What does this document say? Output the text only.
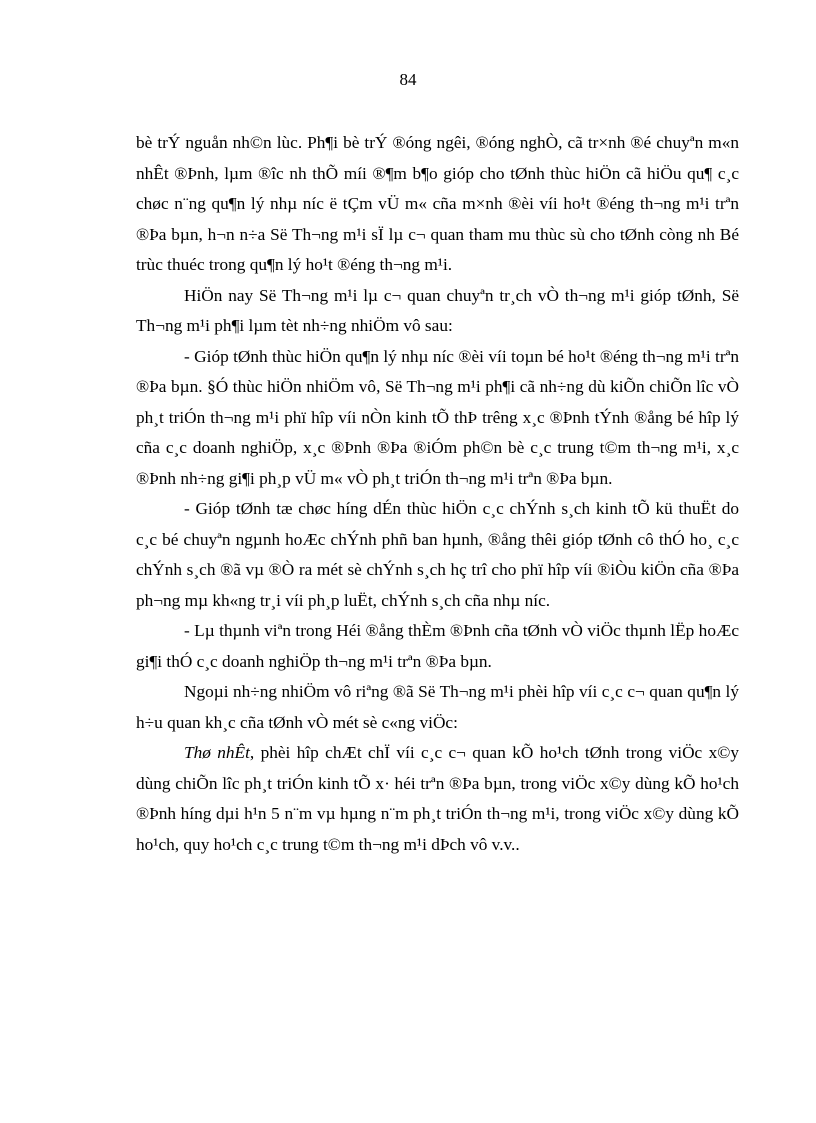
84

bè trÝ nguån nh©n lùc. Ph¶i bè trÝ ®óng ngêi, ®óng nghÒ, cã tr×nh ®é chuyªn m«n nhÊt ®Þnh, lµm ®îc nh thÕ míi ®¶m b¶o gióp cho tØnh thùc hiÖn cã hiÖu qu¶ c¸c chøc n¨ng qu¶n lý nhµ níc ë tÇm vÜ m« cña m×nh ®èi víi ho¹t ®éng th¬ng m¹i trªn ®Þa bµn, h¬n n÷a Së Th¬ng m¹i sÏ lµ c¬ quan tham mu thùc sù cho tØnh còng nh Bé trùc thuéc trong qu¶n lý ho¹t ®éng th¬ng m¹i.

HiÖn nay Së Th¬ng m¹i lµ c¬ quan chuyªn tr¸ch vÒ th¬ng m¹i gióp tØnh, Së Th¬ng m¹i ph¶i lµm tèt nh÷ng nhiÖm vô sau:

- Gióp tØnh thùc hiÖn qu¶n lý nhµ níc ®èi víi toµn bé ho¹t ®éng th¬ng m¹i trªn ®Þa bµn. §Ó thùc hiÖn nhiÖm vô, Së Th¬ng m¹i ph¶i cã nh÷ng dù kiÕn chiÕn lîc vÒ ph¸t triÓn th¬ng m¹i phï hîp víi nÒn kinh tÕ thÞ trêng x¸c ®Þnh tÝnh ®ång bé hîp lý cña c¸c doanh nghiÖp, x¸c ®Þnh ®Þa ®iÓm ph©n bè c¸c trung t©m th¬ng m¹i, x¸c ®Þnh nh÷ng gi¶i ph¸p vÜ m« vÒ ph¸t triÓn th¬ng m¹i trªn ®Þa bµn.

- Gióp tØnh tæ chøc híng dÉn thùc hiÖn c¸c chÝnh s¸ch kinh tÕ kü thuËt do c¸c bé chuyªn ngµnh hoÆc chÝnh phñ ban hµnh, ®ång thêi gióp tØnh cô thÓ ho¸ c¸c chÝnh s¸ch ®ã vµ ®Ò ra mét sè chÝnh s¸ch hç trî cho phï hîp víi ®iÒu kiÖn cña ®Þa ph¬ng mµ kh«ng tr¸i víi ph¸p luËt, chÝnh s¸ch cña nhµ níc.

- Lµ thµnh viªn trong Héi ®ång thÈm ®Þnh cña tØnh vÒ viÖc thµnh lËp hoÆc gi¶i thÓ c¸c doanh nghiÖp th¬ng m¹i trªn ®Þa bµn.

Ngoµi nh÷ng nhiÖm vô riªng ®ã Së Th¬ng m¹i phèi hîp víi c¸c c¬ quan qu¶n lý h÷u quan kh¸c cña tØnh vÒ mét sè c«ng viÖc:

Thø nhÊt, phèi hîp chÆt chÏ víi c¸c c¬ quan kÕ ho¹ch tØnh trong viÖc x©y dùng chiÕn lîc ph¸t triÓn kinh tÕ x· héi trªn ®Þa bµn, trong viÖc x©y dùng kÕ ho¹ch ®Þnh híng dµi h¹n 5 n¨m vµ hµng n¨m ph¸t triÓn th¬ng m¹i, trong viÖc x©y dùng kÕ ho¹ch, quy ho¹ch c¸c trung t©m th¬ng m¹i dÞch vô v.v..
